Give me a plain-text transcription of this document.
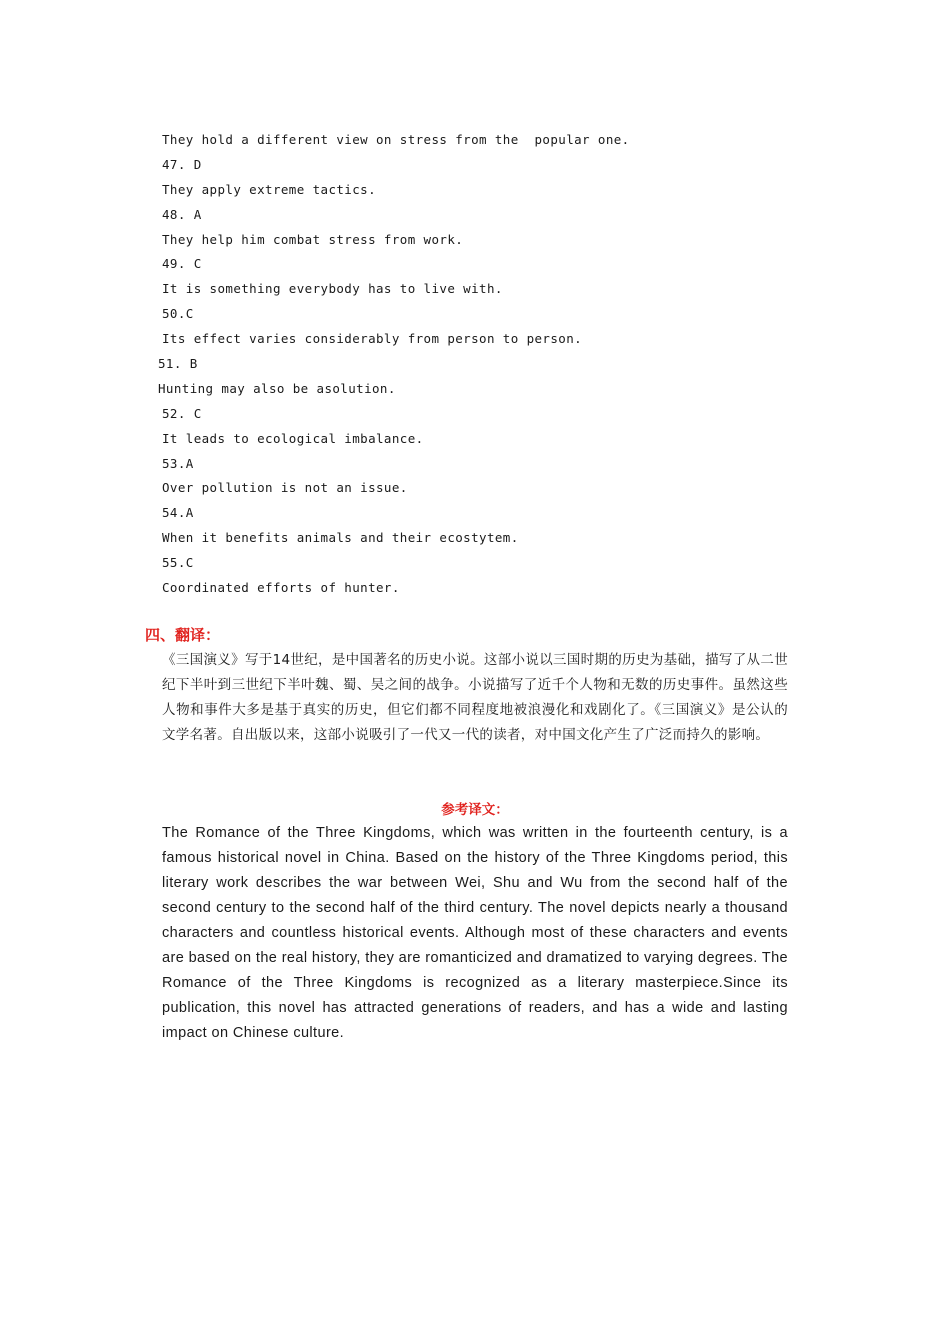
They hold a different view on stress from the  popular one.
47. D
They apply extreme tactics.
48. A
They help him combat stress from work.
49. C
It is something everybody has to live with.
50.C
Its effect varies considerably from person to person.
51. B
Hunting may also be asolution.
52. C
It leads to ecological imbalance.
53.A
Over pollution is not an issue.
54.A
When it benefits animals and their ecostytem.
55.C
Coordinated efforts of hunter.
四、翻译：
《三国演义》写于14世纪，是中国著名的历史小说。这部小说以三国时期的历史为基础，描写了从二世纪下半叶到三世纪下半叶魏、蜀、吴之间的战争。小说描写了近千个人物和无数的历史事件。虽然这些人物和事件大多是基于真实的历史，但它们都不同程度地被浪漫化和戏剧化了。《三国演义》是公认的文学名著。自出版以来，这部小说吸引了一代又一代的读者，对中国文化产生了广泛而持久的影响。
参考译文：
The Romance of the Three Kingdoms, which was written in the fourteenth century, is a famous historical novel in China. Based on the history of the Three Kingdoms period, this literary work describes the war between Wei, Shu and Wu from the second half of the second century to the second half of the third century. The novel depicts nearly a thousand characters and countless historical events. Although most of these characters and events are based on the real history, they are romanticized and dramatized to varying degrees. The Romance of the Three Kingdoms is recognized as a literary masterpiece.Since its publication, this novel has attracted generations of readers, and has a wide and lasting impact on Chinese culture.
